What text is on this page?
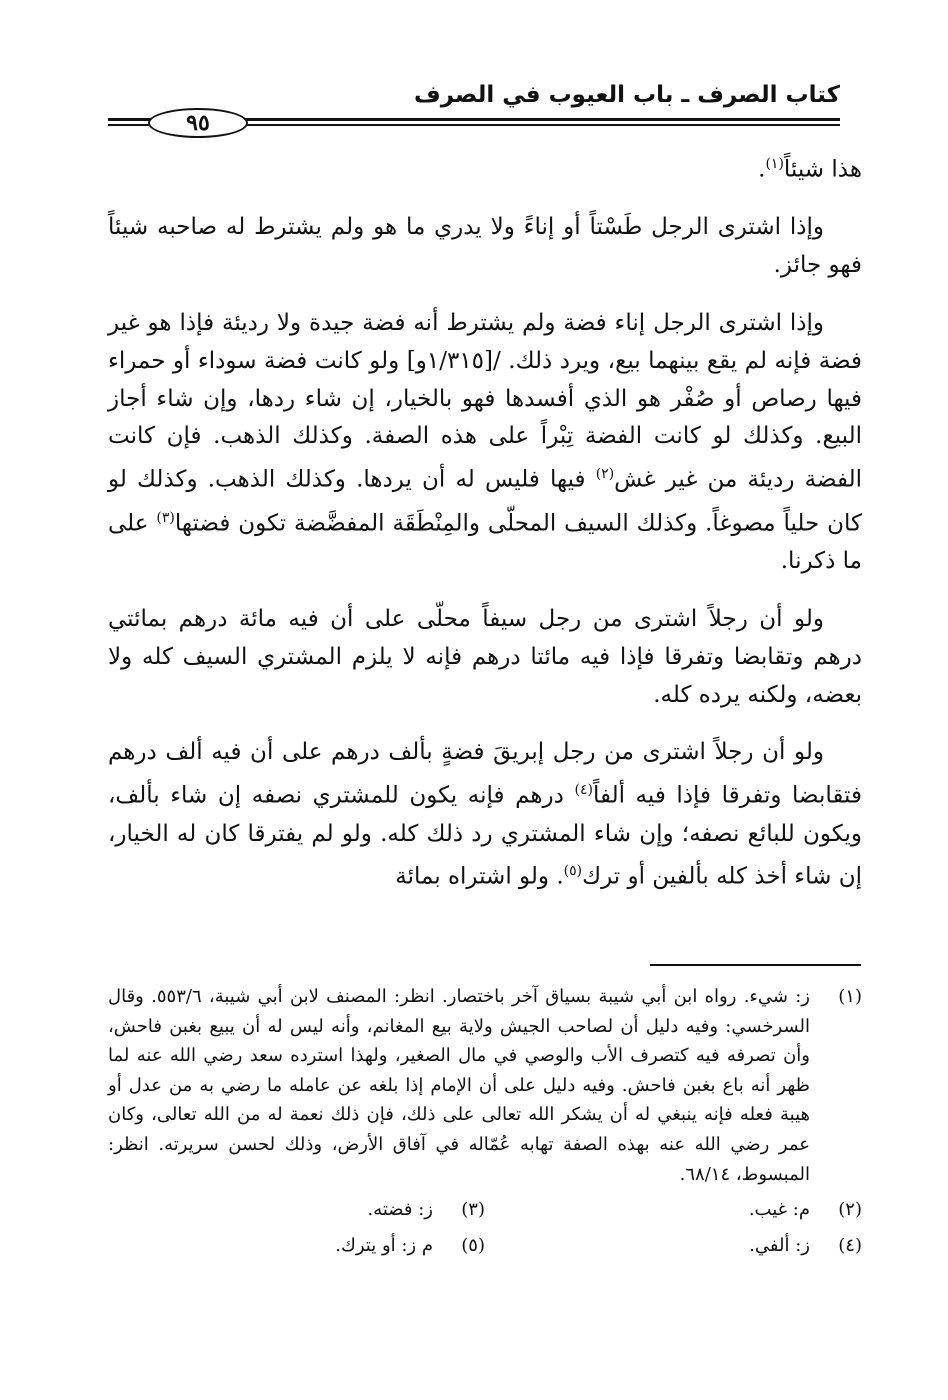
كتاب الصرف ـ باب العيوب في الصرف
٩٥

هذا شيئاً$^{(١)}$.

وإذا اشترى الرجل طَسْتاً أو إناءً ولا يدري ما هو ولم يشترط له صاحبه شيئاً فهو جائز.

وإذا اشترى الرجل إناء فضة ولم يشترط أنه فضة جيدة ولا رديئة فإذا هو غير فضة فإنه لم يقع بينهما بيع، ويرد ذلك. /[١/٣١٥و] ولو كانت فضة سوداء أو حمراء فيها رصاص أو صُفْر هو الذي أفسدها فهو بالخيار، إن شاء ردها، وإن شاء أجاز البيع. وكذلك لو كانت الفضة تِبْراً على هذه الصفة. وكذلك الذهب. فإن كانت الفضة رديئة من غير غش$^{(٢)}$ فيها فليس له أن يردها. وكذلك الذهب. وكذلك لو كان حلياً مصوغاً. وكذلك السيف المحلّى والمِنْطَقَة المفضَّضة تكون فضتها$^{(٣)}$ على ما ذكرنا.

ولو أن رجلاً اشترى من رجل سيفاً محلّى على أن فيه مائة درهم بمائتي درهم وتقابضا وتفرقا فإذا فيه مائتا درهم فإنه لا يلزم المشتري السيف كله ولا بعضه، ولكنه يرده كله.

ولو أن رجلاً اشترى من رجل إبريقَ فضةٍ بألف درهم على أن فيه ألف درهم فتقابضا وتفرقا فإذا فيه ألفاً$^{(٤)}$ درهم فإنه يكون للمشتري نصفه إن شاء بألف، ويكون للبائع نصفه؛ وإن شاء المشتري رد ذلك كله. ولو لم يفترقا كان له الخيار، إن شاء أخذ كله بألفين أو ترك$^{(٥)}$. ولو اشتراه بمائة

(١)
ز: شيء. رواه ابن أبي شيبة بسياق آخر باختصار. انظر: المصنف لابن أبي شيبة، ٥٥٣/٦. وقال السرخسي: وفيه دليل أن لصاحب الجيش ولاية بيع المغانم، وأنه ليس له أن يبيع بغبن فاحش، وأن تصرفه فيه كتصرف الأب والوصي في مال الصغير، ولهذا استرده سعد رضي الله عنه لما ظهر أنه باع بغبن فاحش. وفيه دليل على أن الإمام إذا بلغه عن عامله ما رضي به من عدل أو هيبة فعله فإنه ينبغي له أن يشكر الله تعالى على ذلك، فإن ذلك نعمة له من الله تعالى، وكان عمر رضي الله عنه بهذه الصفة تهابه عُمّاله في آفاق الأرض، وذلك لحسن سريرته. انظر: المبسوط، ٦٨/١٤.
(٢)
م: غيب.
(٣)
ز: فضته.
(٤)
ز: ألفي.
(٥)
م ز: أو يترك.
